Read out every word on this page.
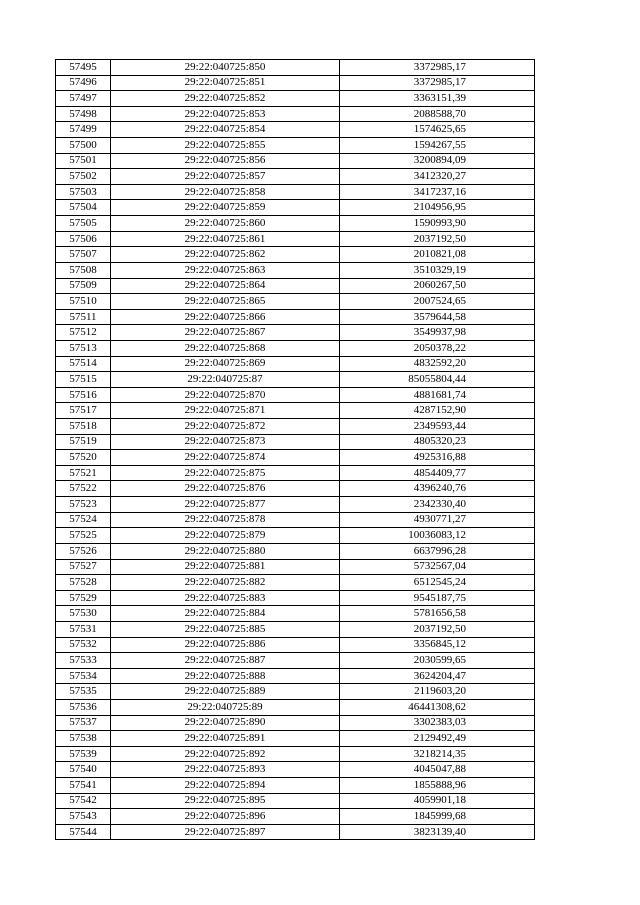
57495	29:22:040725:850	3372985,17
57496	29:22:040725:851	3372985,17
57497	29:22:040725:852	3363151,39
57498	29:22:040725:853	2088588,70
57499	29:22:040725:854	1574625,65
57500	29:22:040725:855	1594267,55
57501	29:22:040725:856	3200894,09
57502	29:22:040725:857	3412320,27
57503	29:22:040725:858	3417237,16
57504	29:22:040725:859	2104956,95
57505	29:22:040725:860	1590993,90
57506	29:22:040725:861	2037192,50
57507	29:22:040725:862	2010821,08
57508	29:22:040725:863	3510329,19
57509	29:22:040725:864	2060267,50
57510	29:22:040725:865	2007524,65
57511	29:22:040725:866	3579644,58
57512	29:22:040725:867	3549937,98
57513	29:22:040725:868	2050378,22
57514	29:22:040725:869	4832592,20
57515	29:22:040725:87	85055804,44
57516	29:22:040725:870	4881681,74
57517	29:22:040725:871	4287152,90
57518	29:22:040725:872	2349593,44
57519	29:22:040725:873	4805320,23
57520	29:22:040725:874	4925316,88
57521	29:22:040725:875	4854409,77
57522	29:22:040725:876	4396240,76
57523	29:22:040725:877	2342330,40
57524	29:22:040725:878	4930771,27
57525	29:22:040725:879	10036083,12
57526	29:22:040725:880	6637996,28
57527	29:22:040725:881	5732567,04
57528	29:22:040725:882	6512545,24
57529	29:22:040725:883	9545187,75
57530	29:22:040725:884	5781656,58
57531	29:22:040725:885	2037192,50
57532	29:22:040725:886	3356845,12
57533	29:22:040725:887	2030599,65
57534	29:22:040725:888	3624204,47
57535	29:22:040725:889	2119603,20
57536	29:22:040725:89	46441308,62
57537	29:22:040725:890	3302383,03
57538	29:22:040725:891	2129492,49
57539	29:22:040725:892	3218214,35
57540	29:22:040725:893	4045047,88
57541	29:22:040725:894	1855888,96
57542	29:22:040725:895	4059901,18
57543	29:22:040725:896	1845999,68
57544	29:22:040725:897	3823139,40
